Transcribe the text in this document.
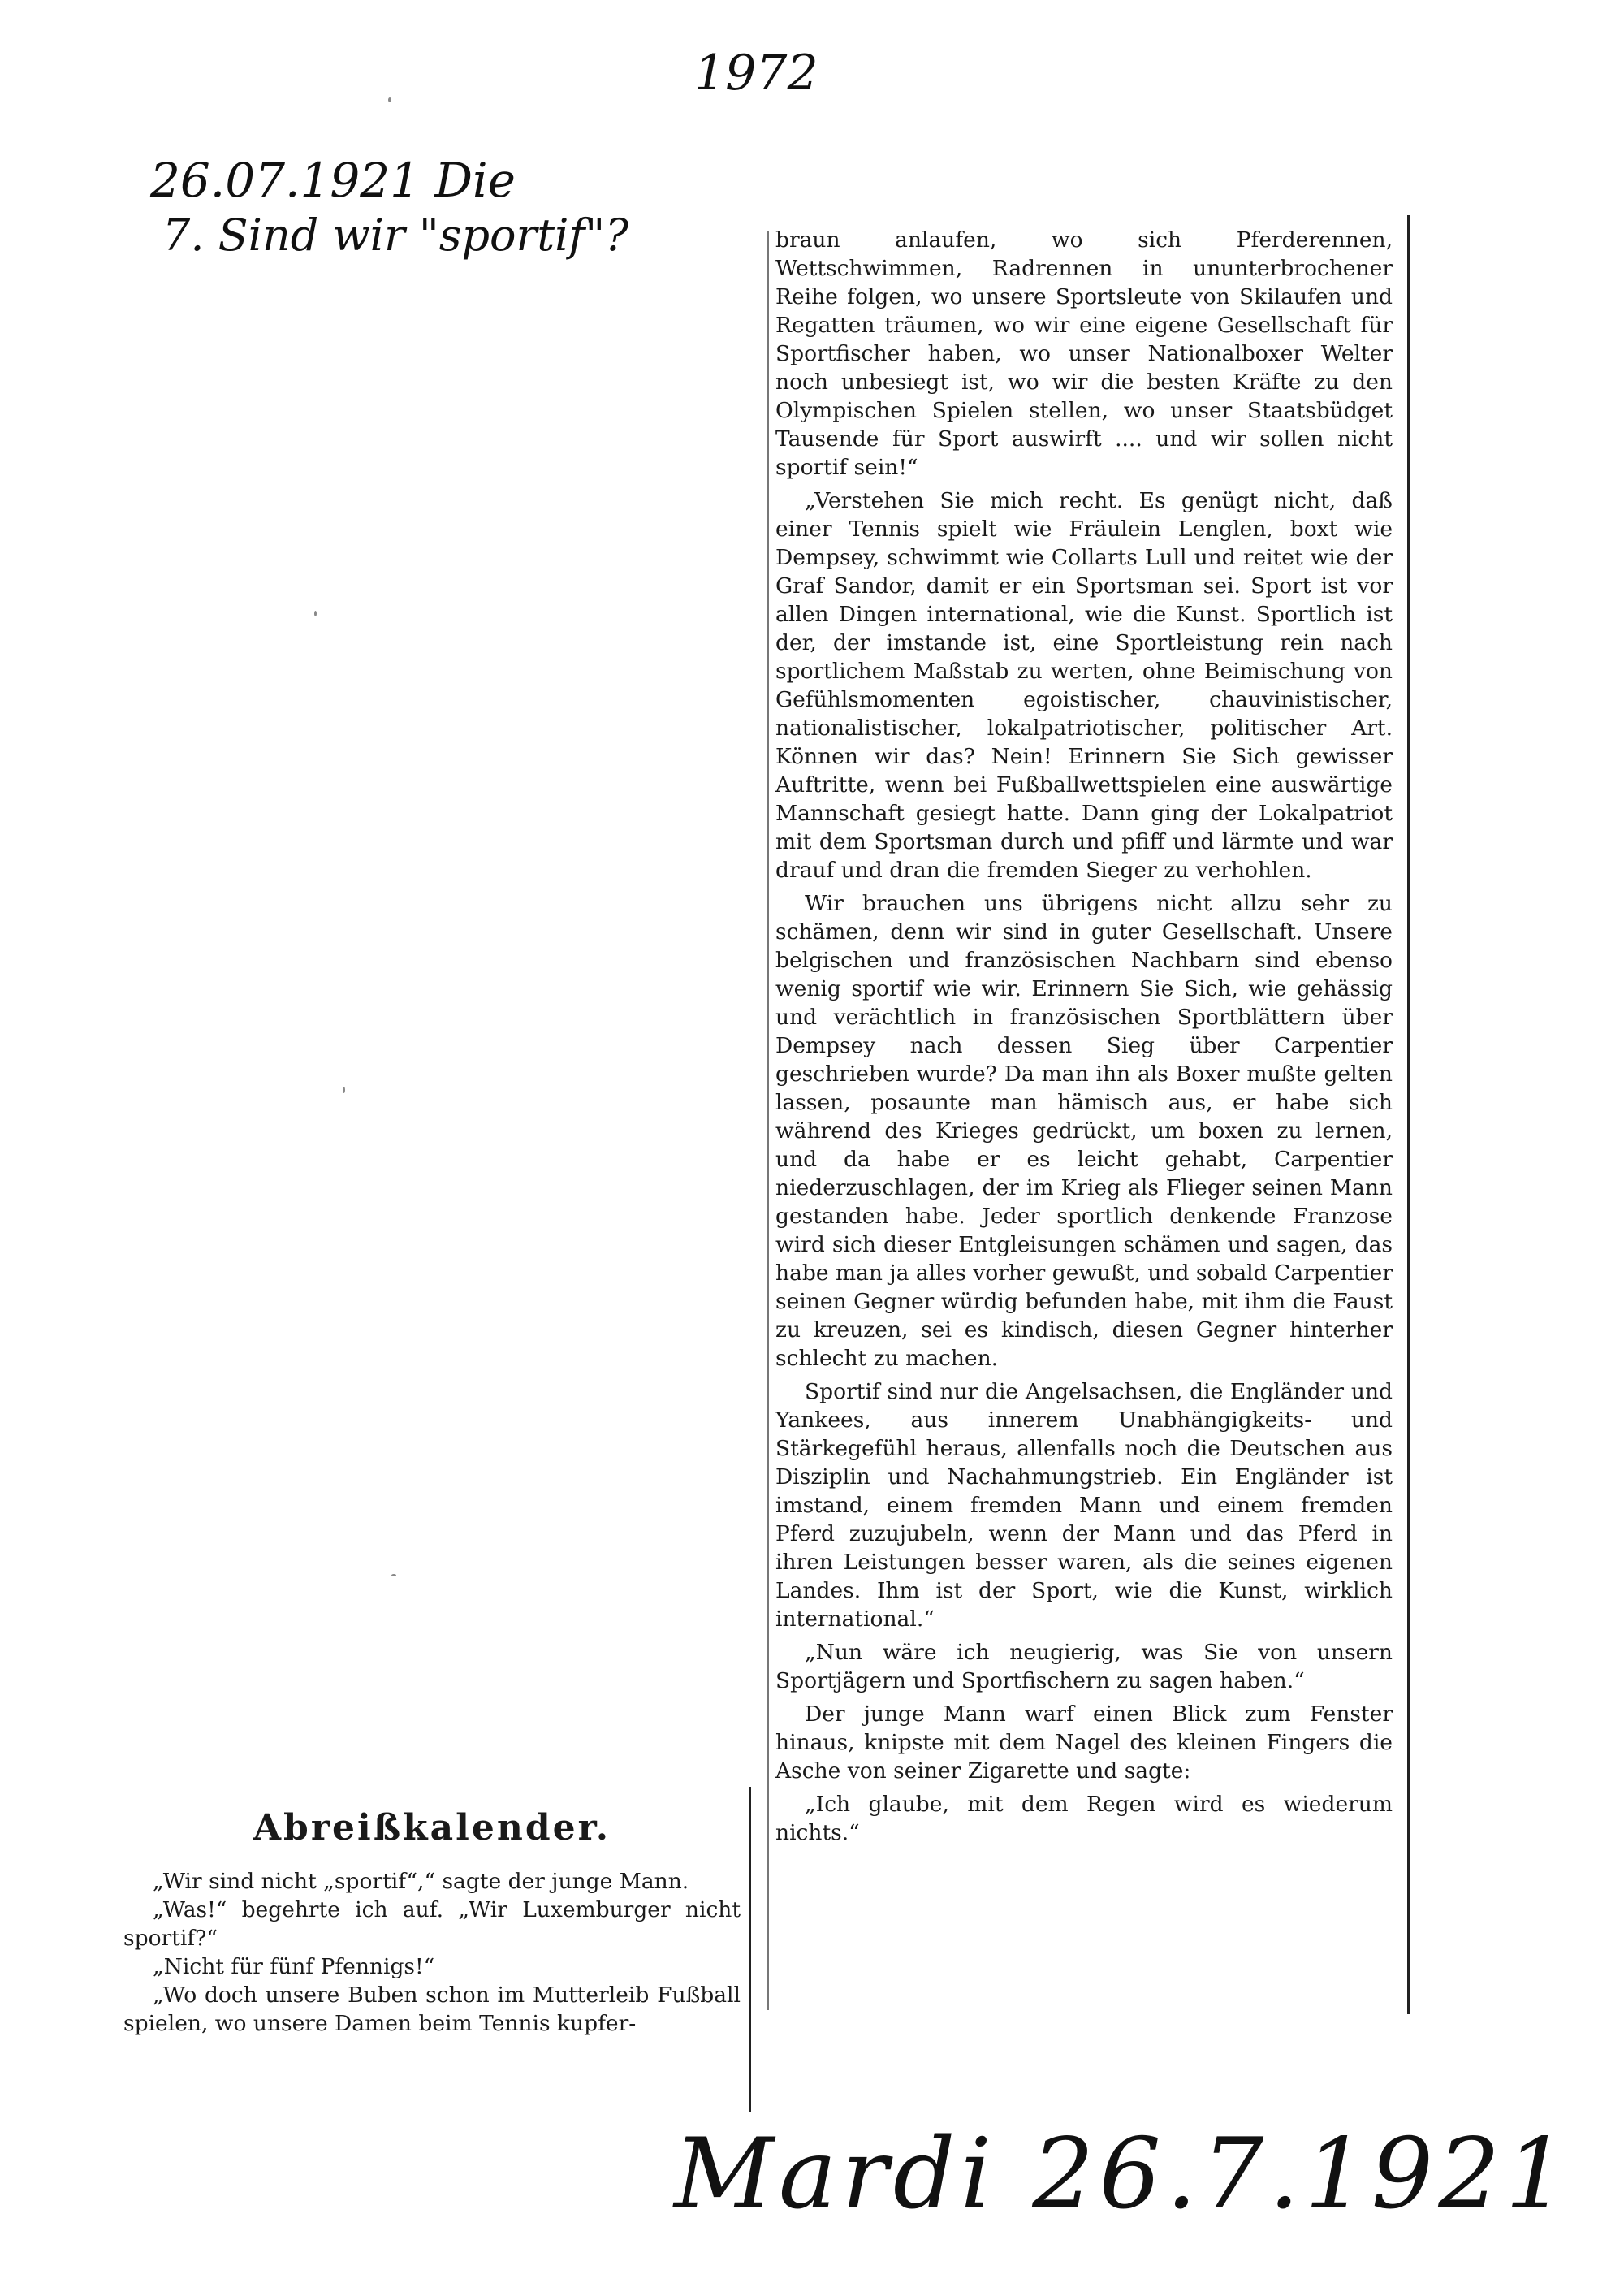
1972
26.07.1921 Die
7. Sind wir "sportif"?

Abreißkalender.

„Wir sind nicht „sportif“,“ sagte der junge Mann.

„Was!“ begehrte ich auf. „Wir Luxemburger nicht sportif?“

„Nicht für fünf Pfennigs!“

„Wo doch unsere Buben schon im Mutterleib Fußball spielen, wo unsere Damen beim Tennis kupfer-

braun anlaufen, wo sich Pferderennen, Wettschwimmen, Radrennen in ununterbrochener Reihe folgen, wo unsere Sportsleute von Skilaufen und Regatten träumen, wo wir eine eigene Gesellschaft für Sportfischer haben, wo unser Nationalboxer Welter noch unbesiegt ist, wo wir die besten Kräfte zu den Olympischen Spielen stellen, wo unser Staatsbüdget Tausende für Sport auswirft .... und wir sollen nicht sportif sein!“

„Verstehen Sie mich recht. Es genügt nicht, daß einer Tennis spielt wie Fräulein Lenglen, boxt wie Dempsey, schwimmt wie Collarts Lull und reitet wie der Graf Sandor, damit er ein Sportsman sei. Sport ist vor allen Dingen international, wie die Kunst. Sportlich ist der, der imstande ist, eine Sportleistung rein nach sportlichem Maßstab zu werten, ohne Beimischung von Gefühlsmomenten egoistischer, chauvinistischer, nationalistischer, lokalpatriotischer, politischer Art. Können wir das? Nein! Erinnern Sie Sich gewisser Auftritte, wenn bei Fußballwettspielen eine auswärtige Mannschaft gesiegt hatte. Dann ging der Lokalpatriot mit dem Sportsman durch und pfiff und lärmte und war drauf und dran die fremden Sieger zu verhohlen.

Wir brauchen uns übrigens nicht allzu sehr zu schämen, denn wir sind in guter Gesellschaft. Unsere belgischen und französischen Nachbarn sind ebenso wenig sportif wie wir. Erinnern Sie Sich, wie gehässig und verächtlich in französischen Sportblättern über Dempsey nach dessen Sieg über Carpentier geschrieben wurde? Da man ihn als Boxer mußte gelten lassen, posaunte man hämisch aus, er habe sich während des Krieges gedrückt, um boxen zu lernen, und da habe er es leicht gehabt, Carpentier niederzuschlagen, der im Krieg als Flieger seinen Mann gestanden habe. Jeder sportlich denkende Franzose wird sich dieser Entgleisungen schämen und sagen, das habe man ja alles vorher gewußt, und sobald Carpentier seinen Gegner würdig befunden habe, mit ihm die Faust zu kreuzen, sei es kindisch, diesen Gegner hinterher schlecht zu machen.

Sportif sind nur die Angelsachsen, die Engländer und Yankees, aus innerem Unabhängigkeits- und Stärkegefühl heraus, allenfalls noch die Deutschen aus Disziplin und Nachahmungstrieb. Ein Engländer ist imstand, einem fremden Mann und einem fremden Pferd zuzujubeln, wenn der Mann und das Pferd in ihren Leistungen besser waren, als die seines eigenen Landes. Ihm ist der Sport, wie die Kunst, wirklich international.“

„Nun wäre ich neugierig, was Sie von unsern Sportjägern und Sportfischern zu sagen haben.“

Der junge Mann warf einen Blick zum Fenster hinaus, knipste mit dem Nagel des kleinen Fingers die Asche von seiner Zigarette und sagte:

„Ich glaube, mit dem Regen wird es wiederum nichts.“

Mardi 26.7.1921
